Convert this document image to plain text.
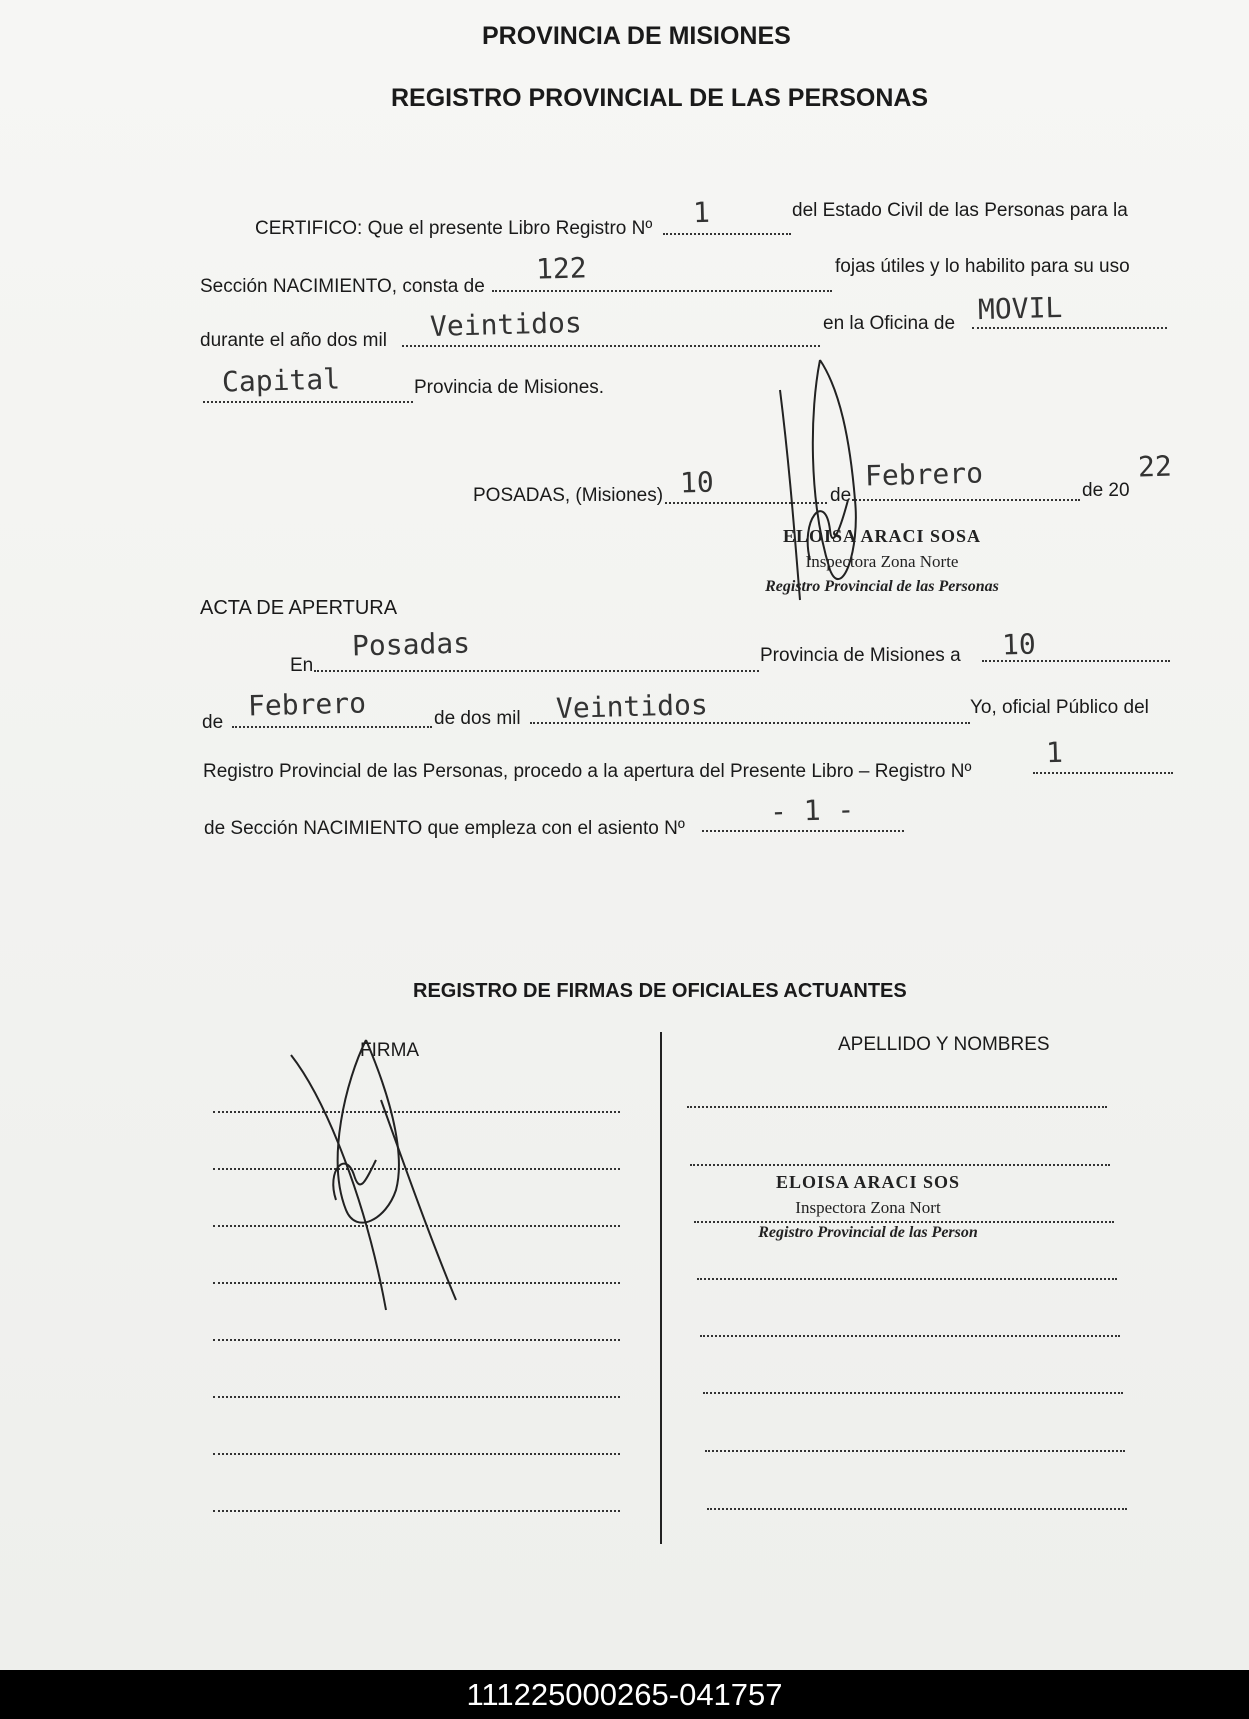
PROVINCIA DE MISIONES
REGISTRO PROVINCIAL DE LAS PERSONAS
CERTIFICO: Que el presente Libro Registro Nº 1	del Estado Civil de las Personas para la
Sección NACIMIENTO, consta de
122	fojas útiles y lo habilito para su uso
durante el año dos mil Veintidos	en la Oficina de MOVIL
Capital	Provincia de Misiones.
POSADAS, (Misiones) 10	de
Febrero	de 20
22
ELOISA ARACI SOSA
Inspectora Zona Norte
Registro Provincial de las Personas
ACTA DE APERTURA
En
Posadas	Provincia de Misiones a 10
de Febrero	de dos mil Veintidos	Yo, oficial Público del
Registro Provincial de las Personas, procedo a la apertura del Presente Libro – Registro Nº
1
de Sección NACIMIENTO que empleza con el asiento Nº
- 1 -
REGISTRO DE FIRMAS DE OFICIALES ACTUANTES
FIRMA	APELLIDO Y NOMBRES
ELOISA ARACI SOS
Inspectora Zona Nort
Registro Provincial de las Person
111225000265-041757
